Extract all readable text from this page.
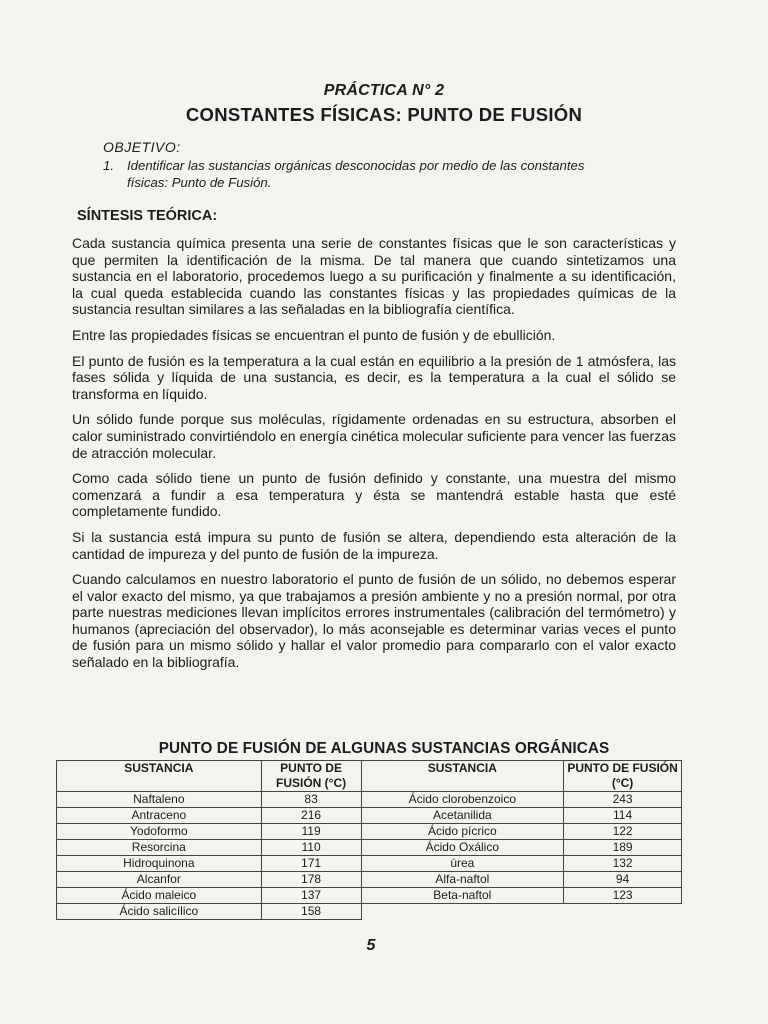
PRÁCTICA N° 2
CONSTANTES FÍSICAS: PUNTO DE FUSIÓN
OBJETIVO:
1. Identificar las sustancias orgánicas desconocidas por medio de las constantes físicas: Punto de Fusión.
SÍNTESIS TEÓRICA:

Cada sustancia química presenta una serie de constantes físicas que le son características y que permiten la identificación de la misma. De tal manera que cuando sintetizamos una sustancia en el laboratorio, procedemos luego a su purificación y finalmente a su identificación, la cual queda establecida cuando las constantes físicas y las propiedades químicas de la sustancia resultan similares a las señaladas en la bibliografía científica.

Entre las propiedades físicas se encuentran el punto de fusión y de ebullición.

El punto de fusión es la temperatura a la cual están en equilibrio a la presión de 1 atmósfera, las fases sólida y líquida de una sustancia, es decir, es la temperatura a la cual el sólido se transforma en líquido.

Un sólido funde porque sus moléculas, rígidamente ordenadas en su estructura, absorben el calor suministrado convirtiéndolo en energía cinética molecular suficiente para vencer las fuerzas de atracción molecular.

Como cada sólido tiene un punto de fusión definido y constante, una muestra del mismo comenzará a fundir a esa temperatura y ésta se mantendrá estable hasta que esté completamente fundido.

Si la sustancia está impura su punto de fusión se altera, dependiendo esta alteración de la cantidad de impureza y del punto de fusión de la impureza.

Cuando calculamos en nuestro laboratorio el punto de fusión de un sólido, no debemos esperar el valor exacto del mismo, ya que trabajamos a presión ambiente y no a presión normal, por otra parte nuestras mediciones llevan implícitos errores instrumentales (calibración del termómetro) y humanos (apreciación del observador), lo más aconsejable es determinar varias veces el punto de fusión para un mismo sólido y hallar el valor promedio para compararlo con el valor exacto señalado en la bibliografía.

PUNTO DE FUSIÓN DE ALGUNAS SUSTANCIAS ORGÁNICAS
SUSTANCIA	PUNTO DE FUSIÓN (°C)	SUSTANCIA	PUNTO DE FUSIÓN (°C)
Naftaleno	83	Ácido clorobenzoico	243
Antraceno	216	Acetanilida	114
Yodoformo	119	Ácido pícrico	122
Resorcina	110	Ácido Oxálico	189
Hidroquinona	171	úrea	132
Alcanfor	178	Alfa-naftol	94
Ácido maleico	137	Beta-naftol	123
Ácido salicílico	158		
5
